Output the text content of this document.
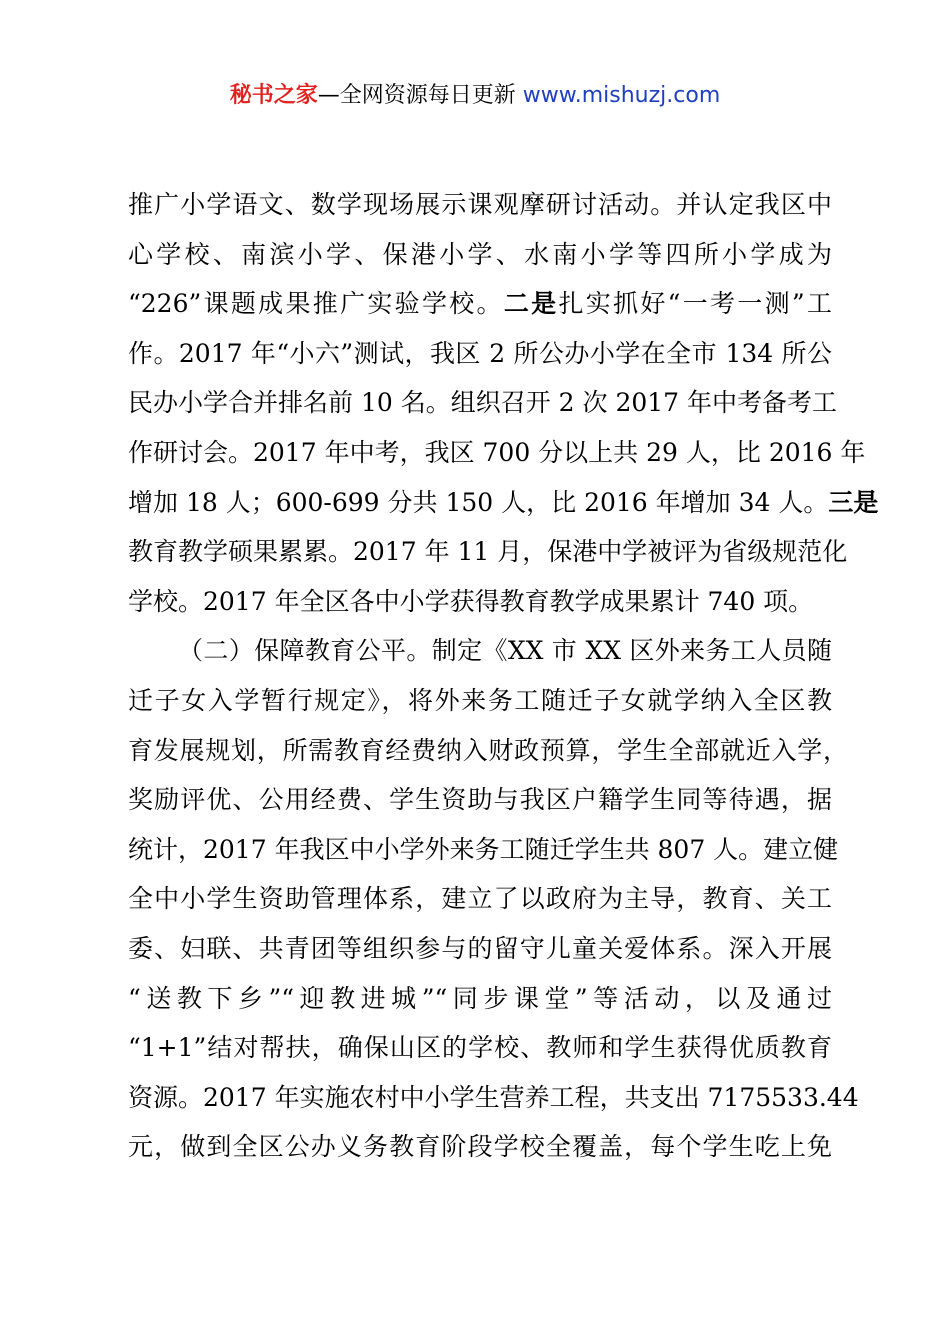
秘书之家—全网资源每日更新 www.mishuzj.com
推广小学语文、数学现场展示课观摩研讨活动。并认定我区中
心学校、南滨小学、保港小学、水南小学等四所小学成为
“226”课题成果推广实验学校。二是扎实抓好“一考一测”工
作。2017 年“小六”测试，我区 2 所公办小学在全市 134 所公
民办小学合并排名前 10 名。组织召开 2 次 2017 年中考备考工
作研讨会。2017 年中考，我区 700 分以上共 29 人，比 2016 年
增加 18 人；600-699 分共 150 人，比 2016 年增加 34 人。三是
教育教学硕果累累。2017 年 11 月，保港中学被评为省级规范化
学校。2017 年全区各中小学获得教育教学成果累计 740 项。
（二）保障教育公平。制定《XX 市 XX 区外来务工人员随
迁子女入学暂行规定》，将外来务工随迁子女就学纳入全区教
育发展规划，所需教育经费纳入财政预算，学生全部就近入学，
奖励评优、公用经费、学生资助与我区户籍学生同等待遇，据
统计，2017 年我区中小学外来务工随迁学生共 807 人。建立健
全中小学生资助管理体系，建立了以政府为主导，教育、关工
委、妇联、共青团等组织参与的留守儿童关爱体系。深入开展
“送教下乡”“迎教进城”“同步课堂”等活动，以及通过
“1+1”结对帮扶，确保山区的学校、教师和学生获得优质教育
资源。2017 年实施农村中小学生营养工程，共支出 7175533.44
元，做到全区公办义务教育阶段学校全覆盖，每个学生吃上免
